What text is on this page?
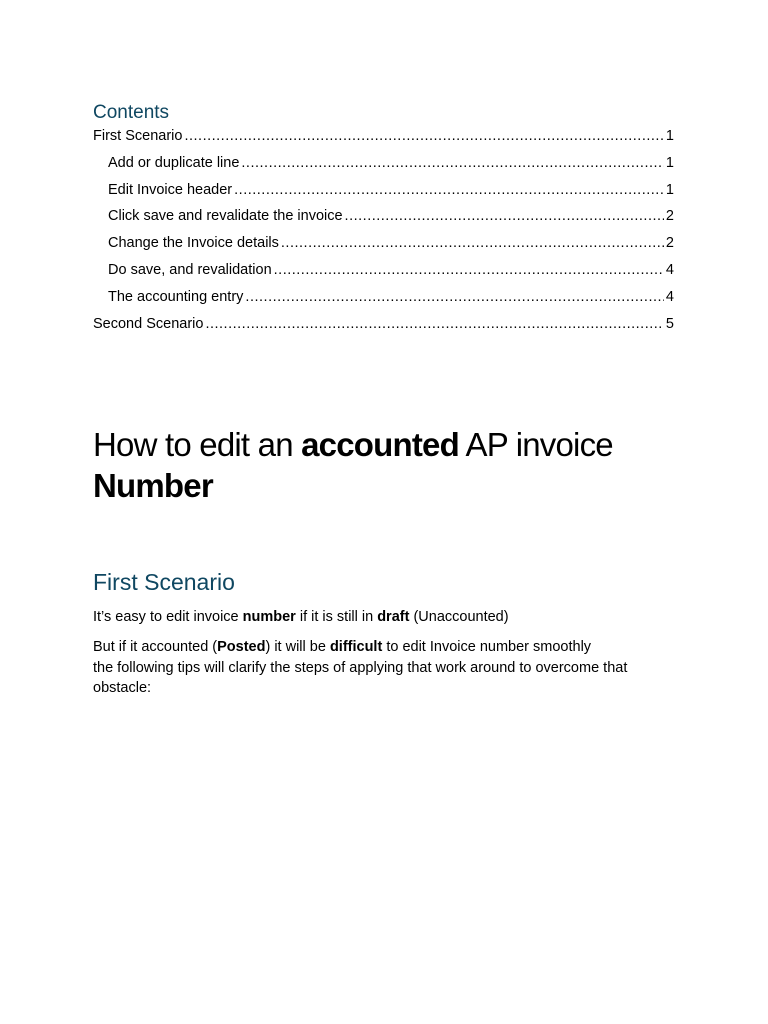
Contents
First Scenario .....	1
Add or duplicate line .....	1
Edit Invoice header .....	1
Click save and revalidate the invoice .....	2
Change the Invoice details .....	2
Do save, and revalidation .....	4
The accounting entry .....	4
Second Scenario .....	5
How to edit an accounted AP invoice
Number
First Scenario

It’s easy to edit invoice number if it is still in draft (Unaccounted)

But if it accounted (Posted) it will be difficult to edit Invoice number smoothly
the following tips will clarify the steps of applying that work around to overcome that obstacle:
